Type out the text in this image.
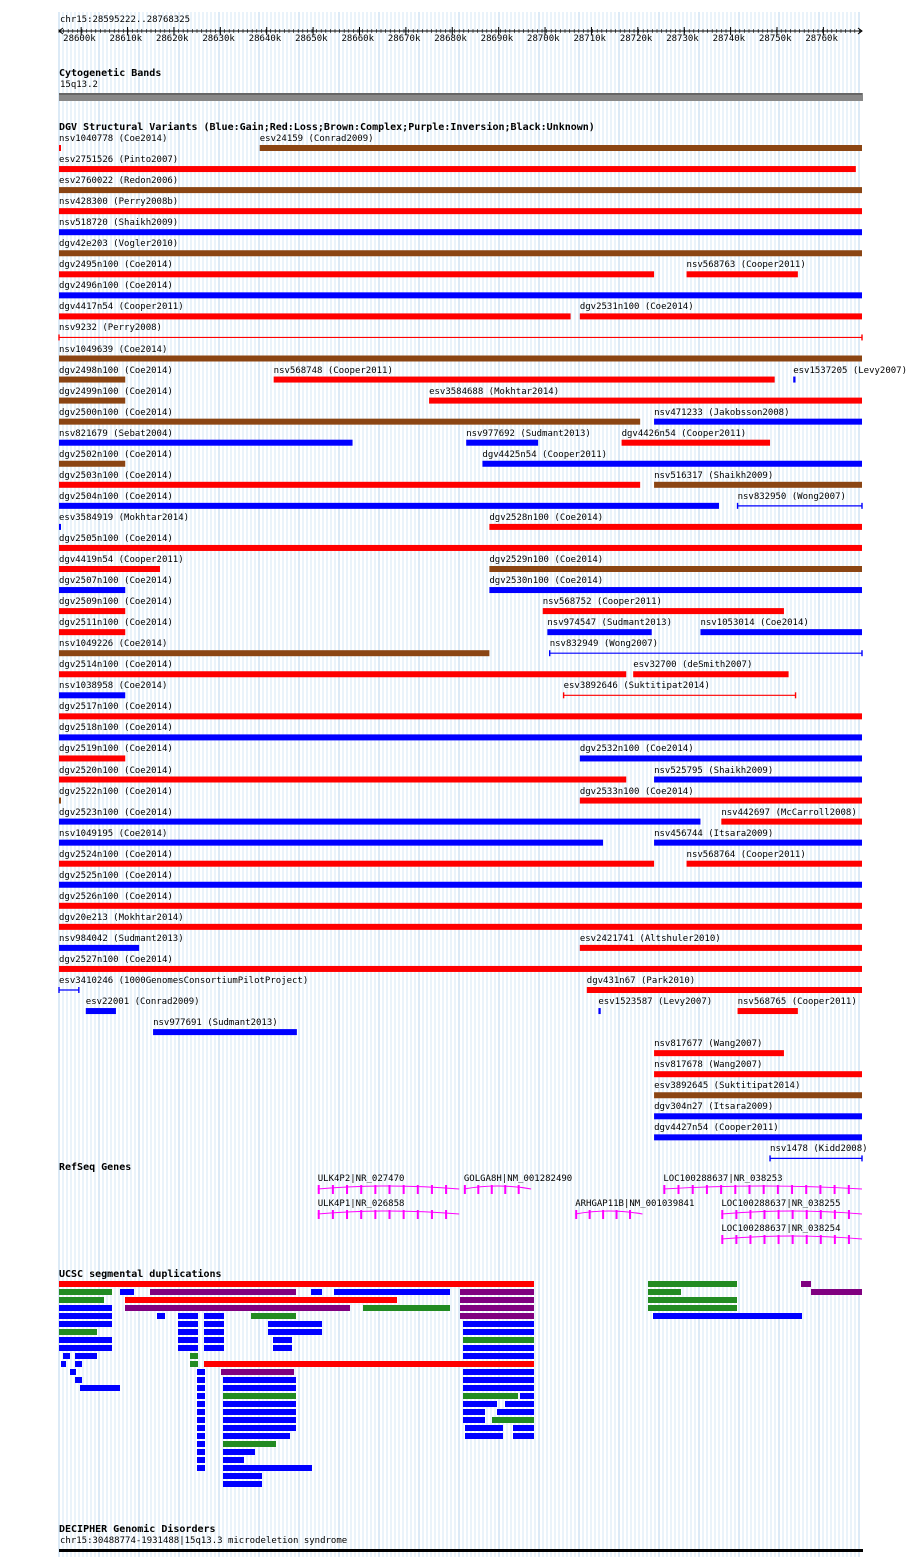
chr15:28595222..28768325
Cytogenetic Bands
15q13.2
DGV Structural Variants (Blue:Gain;Red:Loss;Brown:Complex;Purple:Inversion;Black:Unknown)
RefSeq Genes
UCSC segmental duplications
DECIPHER Genomic Disorders
chr15:30488774-1931488|15q13.3 microdeletion syndrome
28600k 28610k 28620k 28630k 28640k 28650k 28660k 28670k 28680k 28690k 28700k 28710k 28720k 28730k 28740k 28750k 28760k
nsv1040778 (Coe2014)	esv24159 (Conrad2009)
esv2751526 (Pinto2007)
esv2760022 (Redon2006)
nsv428300 (Perry2008b)
nsv518720 (Shaikh2009)
dgv42e203 (Vogler2010)
dgv2495n100 (Coe2014)	nsv568763 (Cooper2011)
dgv2496n100 (Coe2014)
dgv4417n54 (Cooper2011)	dgv2531n100 (Coe2014)
nsv9232 (Perry2008)
nsv1049639 (Coe2014)
dgv2498n100 (Coe2014)	nsv568748 (Cooper2011)	esv1537205 (Levy2007)
dgv2499n100 (Coe2014)	esv3584688 (Mokhtar2014)
dgv2500n100 (Coe2014)	nsv471233 (Jakobsson2008)
nsv821679 (Sebat2004)	nsv977692 (Sudmant2013)	dgv4426n54 (Cooper2011)
dgv2502n100 (Coe2014)	dgv4425n54 (Cooper2011)
dgv2503n100 (Coe2014)	nsv516317 (Shaikh2009)
dgv2504n100 (Coe2014)	nsv832950 (Wong2007)
esv3584919 (Mokhtar2014)	dgv2528n100 (Coe2014)
dgv2505n100 (Coe2014)
dgv4419n54 (Cooper2011)	dgv2529n100 (Coe2014)
dgv2507n100 (Coe2014)	dgv2530n100 (Coe2014)
dgv2509n100 (Coe2014)	nsv568752 (Cooper2011)
dgv2511n100 (Coe2014)	nsv974547 (Sudmant2013)	nsv1053014 (Coe2014)
nsv1049226 (Coe2014)	nsv832949 (Wong2007)
dgv2514n100 (Coe2014)	esv32700 (deSmith2007)
nsv1038958 (Coe2014)	esv3892646 (Suktitipat2014)
dgv2517n100 (Coe2014)
dgv2518n100 (Coe2014)
dgv2519n100 (Coe2014)	dgv2532n100 (Coe2014)
dgv2520n100 (Coe2014)	nsv525795 (Shaikh2009)
dgv2522n100 (Coe2014)	dgv2533n100 (Coe2014)
dgv2523n100 (Coe2014)	nsv442697 (McCarroll2008)
nsv1049195 (Coe2014)	nsv456744 (Itsara2009)
dgv2524n100 (Coe2014)	nsv568764 (Cooper2011)
dgv2525n100 (Coe2014)
dgv2526n100 (Coe2014)
dgv20e213 (Mokhtar2014)
nsv984042 (Sudmant2013)	esv2421741 (Altshuler2010)
dgv2527n100 (Coe2014)
esv3410246 (1000GenomesConsortiumPilotProject)	dgv431n67 (Park2010)
esv22001 (Conrad2009)	esv1523587 (Levy2007)	nsv568765 (Cooper2011)
nsv977691 (Sudmant2013)
nsv817677 (Wang2007)
nsv817678 (Wang2007)
esv3892645 (Suktitipat2014)
dgv304n27 (Itsara2009)
dgv4427n54 (Cooper2011)
nsv1478 (Kidd2008)
ULK4P2|NR_027470	GOLGA8H|NM_001282490	LOC100288637|NR_038253
ULK4P1|NR_026858	ARHGAP11B|NM_001039841	LOC100288637|NR_038255
LOC100288637|NR_038254
